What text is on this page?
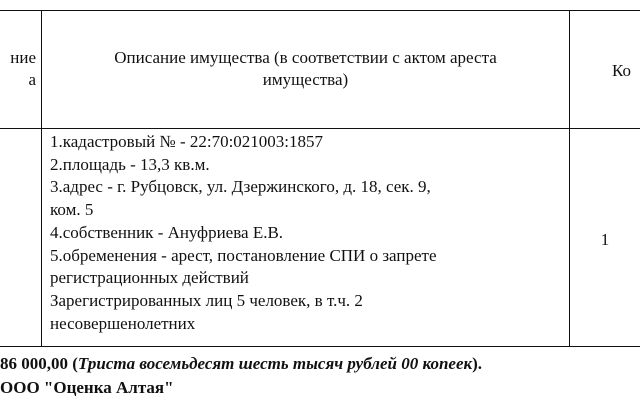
ние
а
Описание имущества (в соответствии с актом ареста
имущества)	Ко
1.кадастровый № - 22:70:021003:1857
2.площадь - 13,3 кв.м.
3.адрес - г. Рубцовск, ул. Дзержинского, д. 18, сек. 9,
ком. 5
4.собственник - Ануфриева Е.В.
5.обременения - арест, постановление СПИ о запрете
регистрационных действий
Зарегистрированных лиц 5 человек, в т.ч. 2
несовершенолетних
1
86 000,00 (Триста восемьдесят шесть тысяч рублей 00 копеек).
ООО "Оценка Алтая"
